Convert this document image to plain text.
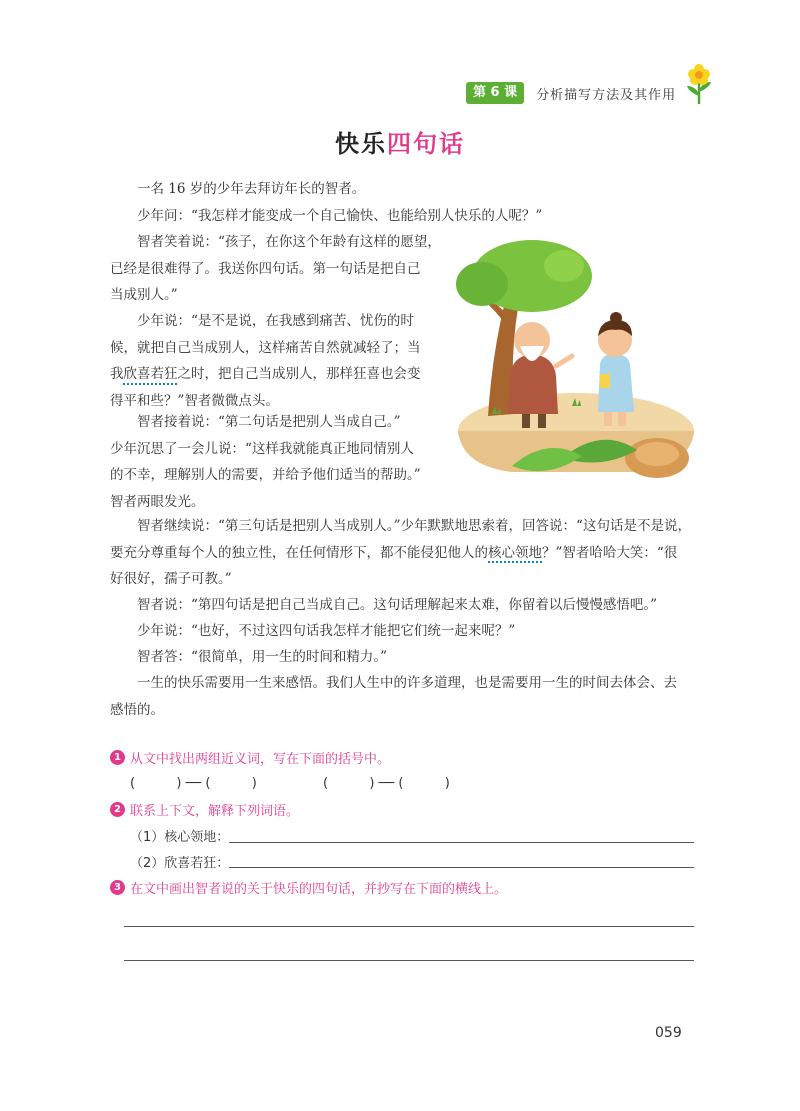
第 6 课	分析描写方法及其作用
快乐四句话

一名 16 岁的少年去拜访年长的智者。

少年问：“我怎样才能变成一个自己愉快、也能给别人快乐的人呢？”

智者笑着说：“孩子，在你这个年龄有这样的愿望，
已经是很难得了。我送你四句话。第一句话是把自己
当成别人。”
少年说：“是不是说，在我感到痛苦、忧伤的时
候，就把自己当成别人，这样痛苦自然就减轻了；当
我欣喜若狂之时，把自己当成别人，那样狂喜也会变
得平和些？”智者微微点头。
智者接着说：“第二句话是把别人当成自己。”
少年沉思了一会儿说：“这样我就能真正地同情别人
的不幸，理解别人的需要，并给予他们适当的帮助。”
智者两眼发光。
智者继续说：“第三句话是把别人当成别人。”少年默默地思索着，回答说：“这句话是不是说，
要充分尊重每个人的独立性，在任何情形下，都不能侵犯他人的核心领地？”智者哈哈大笑：“很
好很好，孺子可教。”

智者说：“第四句话是把自己当成自己。这句话理解起来太难，你留着以后慢慢感悟吧。”

少年说：“也好，不过这四句话我怎样才能把它们统一起来呢？”

智者答：“很简单，用一生的时间和精力。”

一生的快乐需要用一生来感悟。我们人生中的许多道理，也是需要用一生的时间去体会、去
感悟的。
1 从文中找出两组近义词，写在下面的括号中。
(          ) ── (          )                (          ) ── (          )
2 联系上下文，解释下列词语。
（1）核心领地：
（2）欣喜若狂：
3 在文中画出智者说的关于快乐的四句话，并抄写在下面的横线上。
059
